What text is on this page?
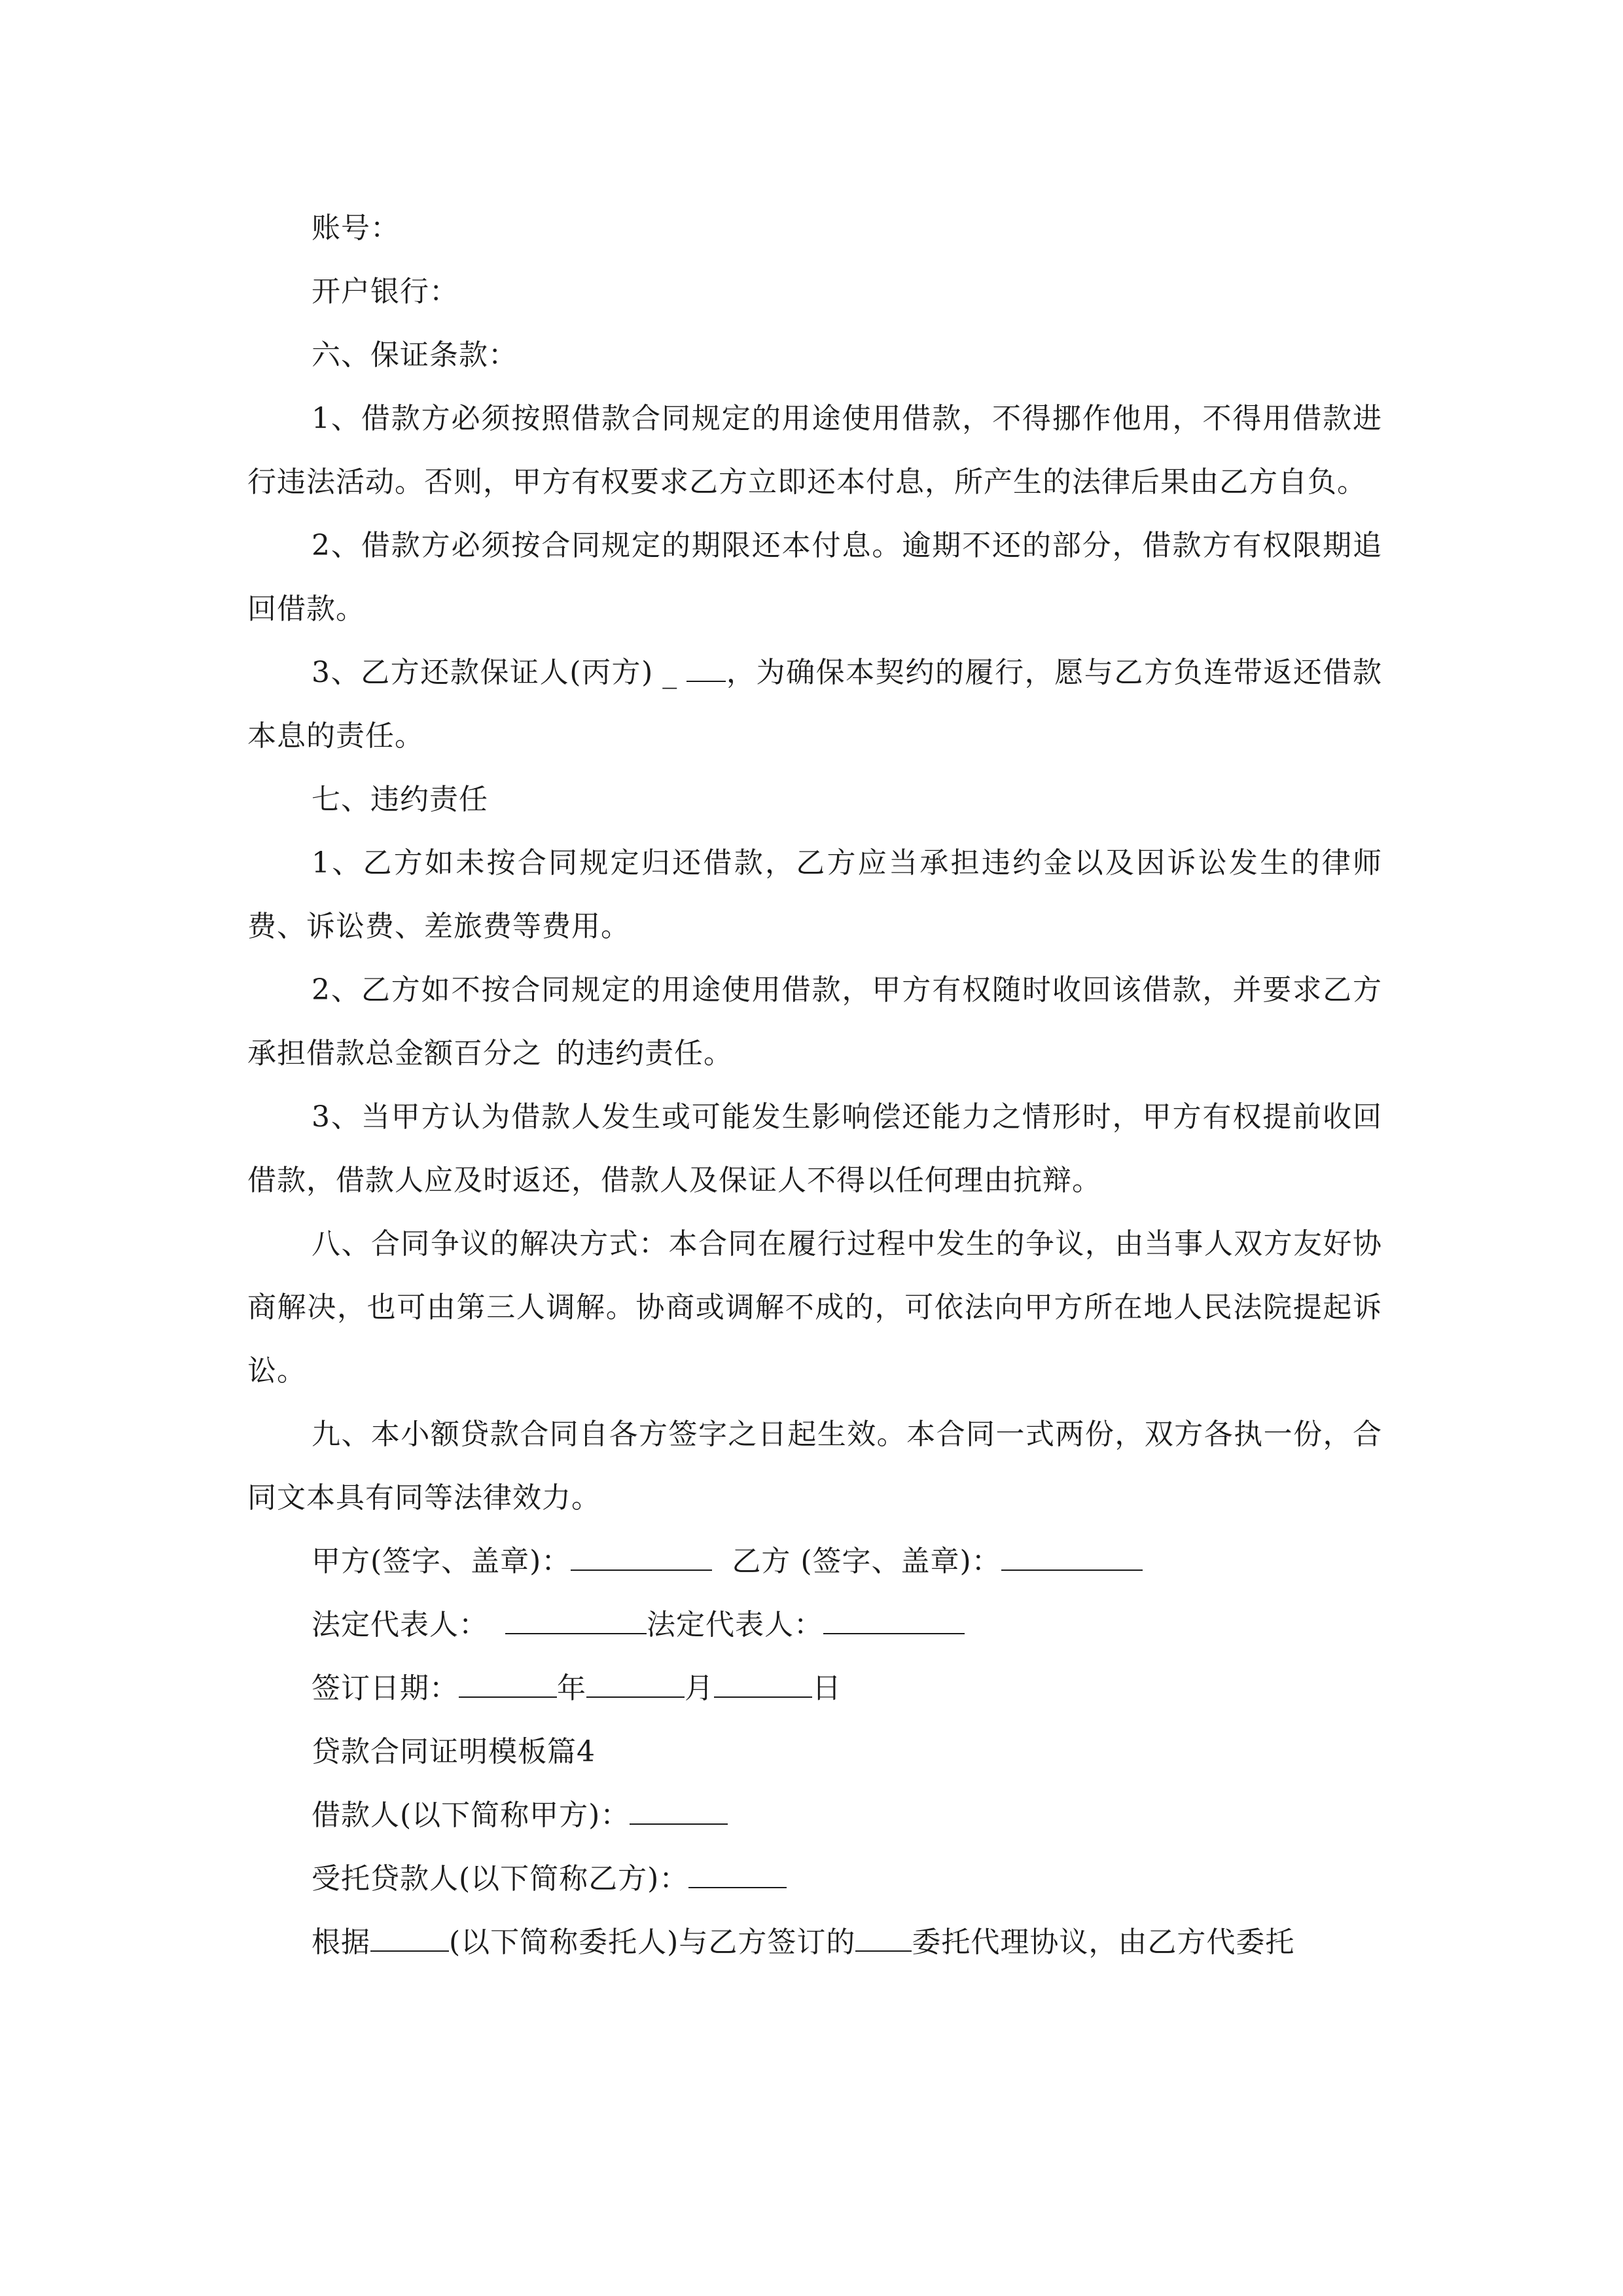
账号：

开户银行：

六、保证条款：

1、借款方必须按照借款合同规定的用途使用借款，不得挪作他用，不得用借款进行违法活动。否则，甲方有权要求乙方立即还本付息，所产生的法律后果由乙方自负。

2、借款方必须按合同规定的期限还本付息。逾期不还的部分，借款方有权限期追回借款。

3、乙方还款保证人(丙方) _ ，为确保本契约的履行，愿与乙方负连带返还借款本息的责任。

七、违约责任

1、乙方如未按合同规定归还借款，乙方应当承担违约金以及因诉讼发生的律师费、诉讼费、差旅费等费用。

2、乙方如不按合同规定的用途使用借款，甲方有权随时收回该借款，并要求乙方承担借款总金额百分之 的违约责任。

3、当甲方认为借款人发生或可能发生影响偿还能力之情形时，甲方有权提前收回借款，借款人应及时返还，借款人及保证人不得以任何理由抗辩。

八、合同争议的解决方式：本合同在履行过程中发生的争议，由当事人双方友好协商解决，也可由第三人调解。协商或调解不成的，可依法向甲方所在地人民法院提起诉讼。

九、本小额贷款合同自各方签字之日起生效。本合同一式两份，双方各执一份，合同文本具有同等法律效力。

甲方(签字、盖章)：	乙方 (签字、盖章)：

法定代表人：	法定代表人：

签订日期：	年	月	日

贷款合同证明模板篇4

借款人(以下简称甲方)：

受托贷款人(以下简称乙方)：

根据	(以下简称委托人)与乙方签订的 委托代理协议，由乙方代委托
